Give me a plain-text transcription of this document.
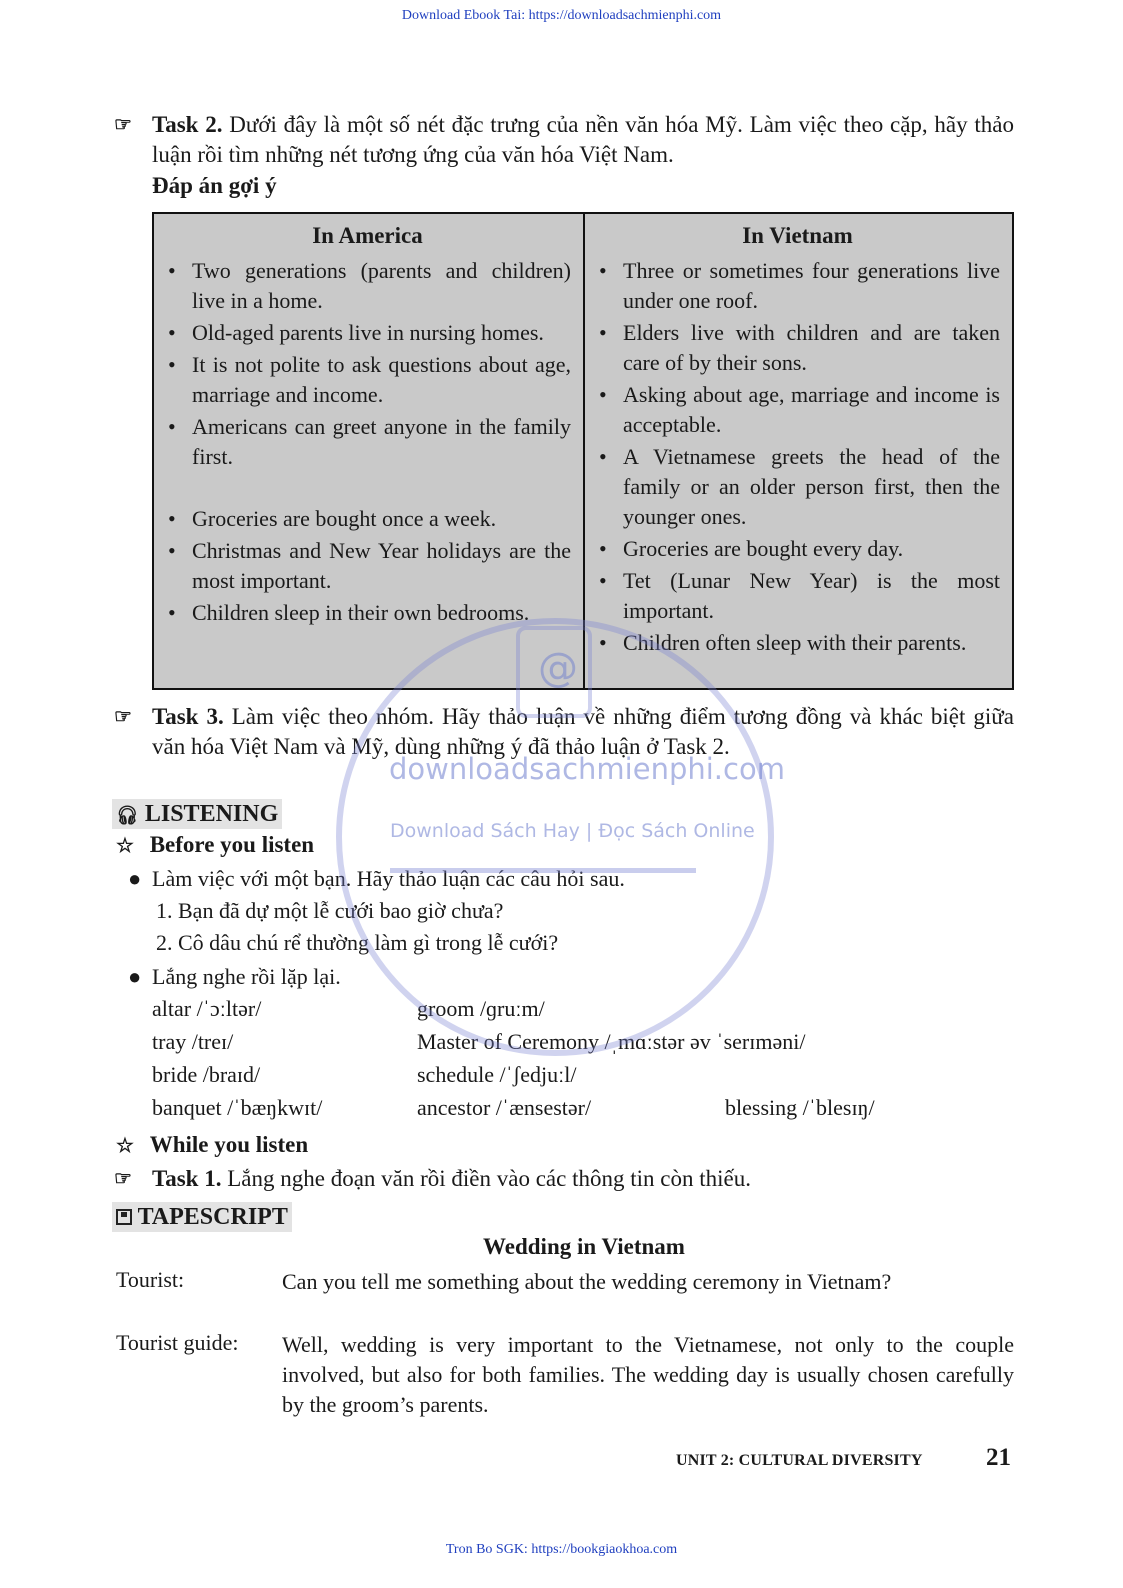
Download Ebook Tai: https://downloadsachmienphi.com
☞ Task 2. Dưới đây là một số nét đặc trưng của nền văn hóa Mỹ. Làm việc theo cặp, hãy thảo luận rồi tìm những nét tương ứng của văn hóa Việt Nam.
Đáp án gợi ý
In America
• Two generations (parents and children) live in a home.
• Old-aged parents live in nursing homes.
• It is not polite to ask questions about age, marriage and income.
• Americans can greet anyone in the family first.
• Groceries are bought once a week.
• Christmas and New Year holidays are the most important.
• Children sleep in their own bedrooms.
In Vietnam
• Three or sometimes four generations live under one roof.
• Elders live with children and are taken care of by their sons.
• Asking about age, marriage and income is acceptable.
• A Vietnamese greets the head of the family or an older person first, then the younger ones.
• Groceries are bought every day.
• Tet (Lunar New Year) is the most important.
• Children often sleep with their parents.
☞ Task 3. Làm việc theo nhóm. Hãy thảo luận về những điểm tương đồng và khác biệt giữa văn hóa Việt Nam và Mỹ, dùng những ý đã thảo luận ở Task 2.
🎧︎ LISTENING
☆ Before you listen
● Làm việc với một bạn. Hãy thảo luận các câu hỏi sau.
1. Bạn đã dự một lễ cưới bao giờ chưa?
2. Cô dâu chú rể thường làm gì trong lễ cưới?
● Lắng nghe rồi lặp lại.
altar /ˈɔːltər/	groom /ɡruːm/
tray /treɪ/	Master of Ceremony /ˌmɑːstər əv ˈserɪməni/
bride /braɪd/	schedule /ˈʃedjuːl/
banquet /ˈbæŋkwɪt/	ancestor /ˈænsestər/	blessing /ˈblesɪŋ/
☆ While you listen
☞ Task 1. Lắng nghe đoạn văn rồi điền vào các thông tin còn thiếu.
TAPESCRIPT
Wedding in Vietnam
Tourist:	Can you tell me something about the wedding ceremony in Vietnam?
Tourist guide: Well, wedding is very important to the Vietnamese, not only to the couple involved, but also for both families. The wedding day is usually chosen carefully by the groom’s parents.
UNIT 2: CULTURAL DIVERSITY	21
Tron Bo SGK: https://bookgiaokhoa.com
@
downloadsachmienphi.com
Download Sách Hay | Đọc Sách Online
